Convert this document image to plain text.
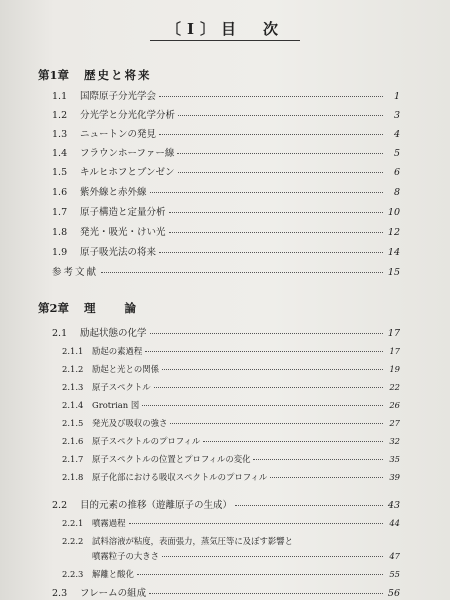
〔I〕目　次
第1章 歴史と将来
1.1	国際原子分光学会	1
1.2	分光学と分光化学分析	3
1.3	ニュートンの発見	4
1.4	フラウンホーファー線	5
1.5	キルヒホフとブンゼン	6
1.6	紫外線と赤外線	8
1.7	原子構造と定量分析	10
1.8	発光・吸光・けい光	12
1.9	原子吸光法の将来	14
参考文献	15
第2章 理　　論
2.1	励起状態の化学	17
2.1.1	励起の素過程	17
2.1.2	励起と光との関係	19
2.1.3	原子スペクトル	22
2.1.4	Grotrian 図	26
2.1.5	発光及び吸収の強さ	27
2.1.6	原子スペクトルのプロフィル	32
2.1.7	原子スペクトルの位置とプロフィルの変化	35
2.1.8	原子化部における吸収スペクトルのプロフィル	39
2.2	目的元素の推移（遊離原子の生成）	43
2.2.1	噴霧過程	44
2.2.2	試料溶液が粘度，表面張力，蒸気圧等に及ぼす影響と
噴霧粒子の大きさ	47
2.2.3	解離と酸化	55
2.3	フレームの組成	56
